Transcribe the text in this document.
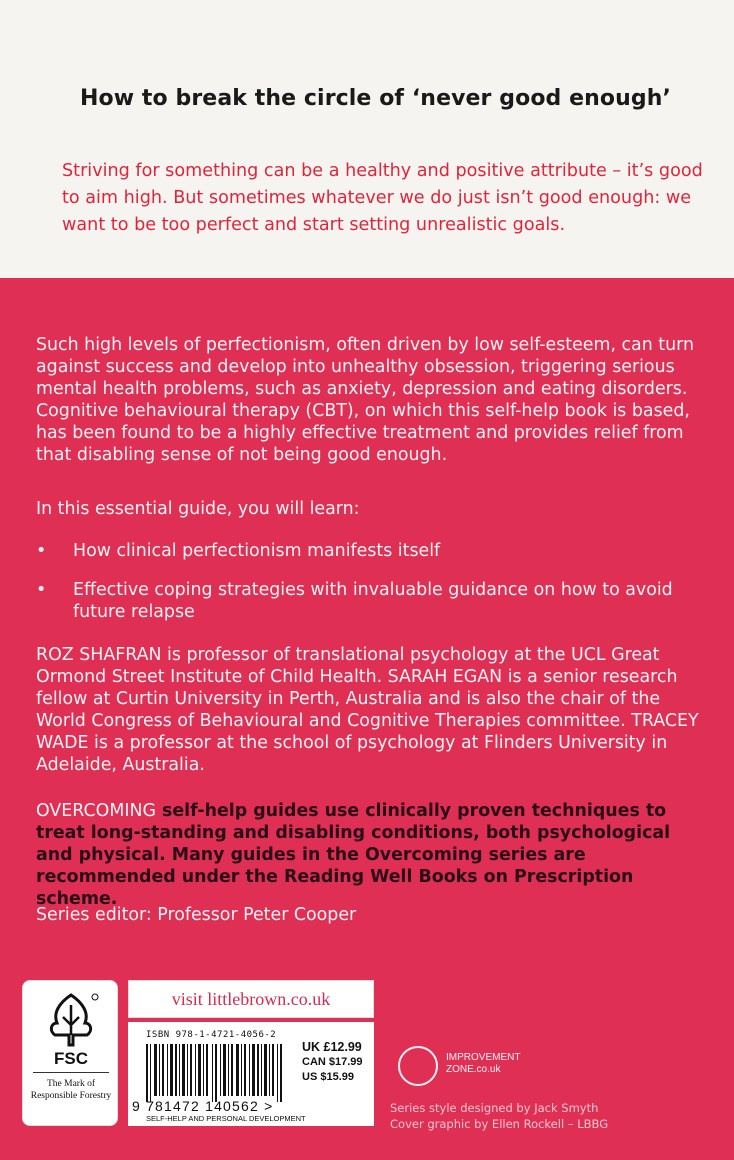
How to break the circle of ‘never good enough’
Striving for something can be a healthy and positive attribute – it’s good to aim high. But sometimes whatever we do just isn’t good enough: we want to be too perfect and start setting unrealistic goals.
Such high levels of perfectionism, often driven by low self-esteem, can turn against success and develop into unhealthy obsession, triggering serious mental health problems, such as anxiety, depression and eating disorders. Cognitive behavioural therapy (CBT), on which this self-help book is based, has been found to be a highly effective treatment and provides relief from that disabling sense of not being good enough.
In this essential guide, you will learn:
• How clinical perfectionism manifests itself
• Effective coping strategies with invaluable guidance on how to avoid future relapse
ROZ SHAFRAN is professor of translational psychology at the UCL Great Ormond Street Institute of Child Health. SARAH EGAN is a senior research fellow at Curtin University in Perth, Australia and is also the chair of the World Congress of Behavioural and Cognitive Therapies committee. TRACEY WADE is a professor at the school of psychology at Flinders University in Adelaide, Australia.
OVERCOMING self-help guides use clinically proven techniques to treat long-standing and disabling conditions, both psychological and physical. Many guides in the Overcoming series are recommended under the Reading Well Books on Prescription scheme.
Series editor: Professor Peter Cooper
FSC
The Mark of Responsible Forestry
visit littlebrown.co.uk
ISBN 978-1-4721-4056-2
9 781472 140562 >
SELF-HELP AND PERSONAL DEVELOPMENT
UK £12.99
CAN $17.99
US $15.99
IMPROVEMENT
ZONE.co.uk
Series style designed by Jack Smyth
Cover graphic by Ellen Rockell – LBBG
